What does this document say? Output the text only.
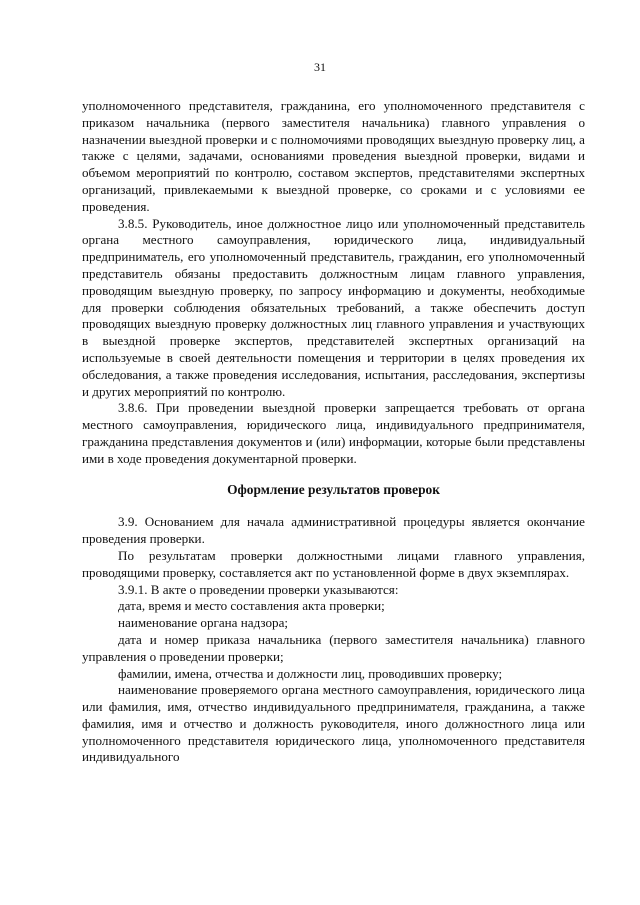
31

уполномоченного представителя, гражданина, его уполномоченного представителя с приказом начальника (первого заместителя начальника) главного управления о назначении выездной проверки и с полномочиями проводящих выездную проверку лиц, а также с целями, задачами, основаниями проведения выездной проверки, видами и объемом мероприятий по контролю, составом экспертов, представителями экспертных организаций, привлекаемыми к выездной проверке, со сроками и с условиями ее проведения.

3.8.5. Руководитель, иное должностное лицо или уполномоченный представитель органа местного самоуправления, юридического лица, индивидуальный предприниматель, его уполномоченный представитель, гражданин, его уполномоченный представитель обязаны предоставить должностным лицам главного управления, проводящим выездную проверку, по запросу информацию и документы, необходимые для проверки соблюдения обязательных требований, а также обеспечить доступ проводящих выездную проверку должностных лиц главного управления и участвующих в выездной проверке экспертов, представителей экспертных организаций на используемые в своей деятельности помещения и территории в целях проведения их обследования, а также проведения исследования, испытания, расследования, экспертизы и других мероприятий по контролю.

3.8.6. При проведении выездной проверки запрещается требовать от органа местного самоуправления, юридического лица, индивидуального предпринимателя, гражданина представления документов и (или) информации, которые были представлены ими в ходе проведения документарной проверки.

Оформление результатов проверок

3.9. Основанием для начала административной процедуры является окончание проведения проверки.

По результатам проверки должностными лицами главного управления, проводящими проверку, составляется акт по установленной форме в двух экземплярах.

3.9.1. В акте о проведении проверки указываются:

дата, время и место составления акта проверки;

наименование органа надзора;

дата и номер приказа начальника (первого заместителя начальника) главного управления о проведении проверки;

фамилии, имена, отчества и должности лиц, проводивших проверку;

наименование проверяемого органа местного самоуправления, юридического лица или фамилия, имя, отчество индивидуального предпринимателя, гражданина, а также фамилия, имя и отчество и должность руководителя, иного должностного лица или уполномоченного представителя юридического лица, уполномоченного представителя индивидуального
